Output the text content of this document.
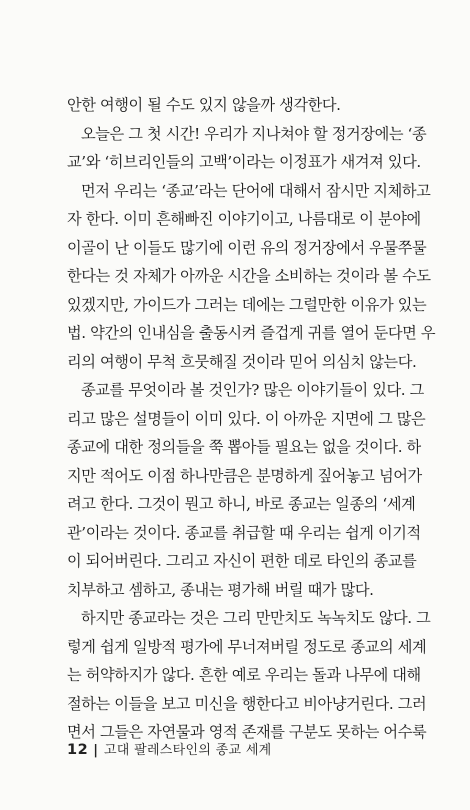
안한 여행이 될 수도 있지 않을까 생각한다.
오늘은 그 첫 시간! 우리가 지나쳐야 할 정거장에는 ‘종
교’와 ‘히브리인들의 고백’이라는 이정표가 새겨져 있다.
먼저 우리는 ‘종교’라는 단어에 대해서 잠시만 지체하고
자 한다. 이미 흔해빠진 이야기이고, 나름대로 이 분야에
이골이 난 이들도 많기에 이런 유의 정거장에서 우물쭈물
한다는 것 자체가 아까운 시간을 소비하는 것이라 볼 수도
있겠지만, 가이드가 그러는 데에는 그럴만한 이유가 있는
법. 약간의 인내심을 출동시켜 즐겁게 귀를 열어 둔다면 우
리의 여행이 무척 흐뭇해질 것이라 믿어 의심치 않는다.
종교를 무엇이라 볼 것인가? 많은 이야기들이 있다. 그
리고 많은 설명들이 이미 있다. 이 아까운 지면에 그 많은
종교에 대한 정의들을 쭉 뽑아들 필요는 없을 것이다. 하
지만 적어도 이점 하나만큼은 분명하게 짚어놓고 넘어가
려고 한다. 그것이 뭔고 하니, 바로 종교는 일종의 ‘세계
관’이라는 것이다. 종교를 취급할 때 우리는 쉽게 이기적
이 되어버린다. 그리고 자신이 편한 데로 타인의 종교를
치부하고 셈하고, 종내는 평가해 버릴 때가 많다.
하지만 종교라는 것은 그리 만만치도 녹녹치도 않다. 그
렇게 쉽게 일방적 평가에 무너져버릴 정도로 종교의 세계
는 허약하지가 않다. 흔한 예로 우리는 돌과 나무에 대해
절하는 이들을 보고 미신을 행한다고 비아냥거린다. 그러
면서 그들은 자연물과 영적 존재를 구분도 못하는 어수룩
12 | 고대 팔레스타인의 종교 세계
